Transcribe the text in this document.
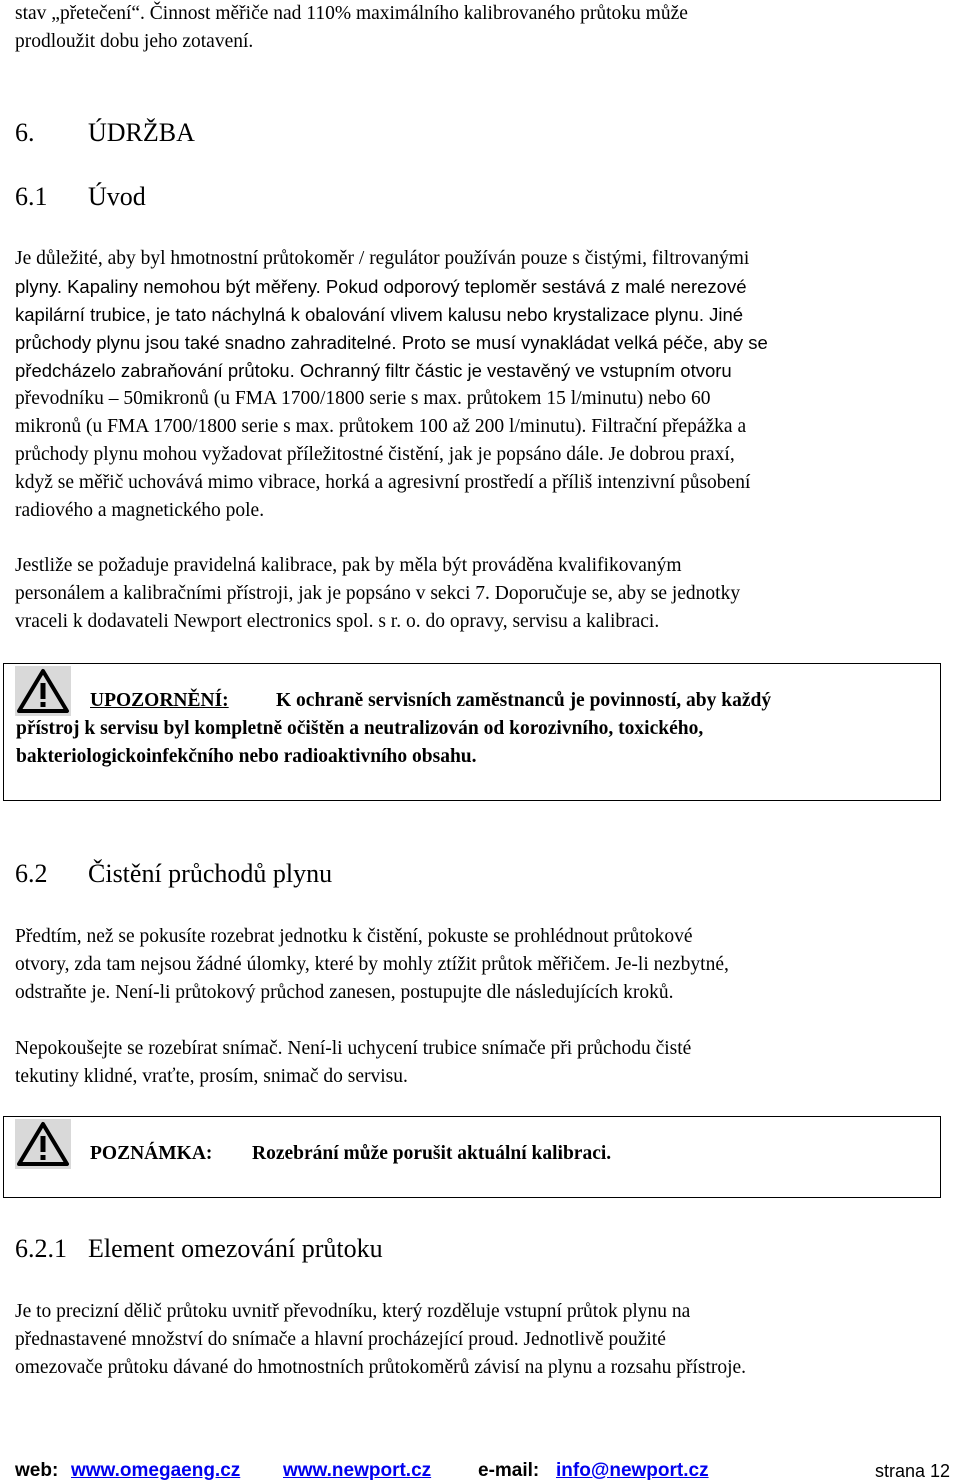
stav „přetečení“. Činnost měřiče nad 110% maximálního kalibrovaného průtoku může
prodloužit dobu jeho zotavení.
6. ÚDRŽBA
6.1 Úvod
Je důležité, aby byl hmotnostní průtokoměr / regulátor používán pouze s čistými, filtrovanými
plyny. Kapaliny nemohou být měřeny. Pokud odporový teploměr sestává z malé nerezové
kapilární trubice, je tato náchylná k obalování vlivem kalusu nebo krystalizace plynu. Jiné
průchody plynu jsou také snadno zahraditelné. Proto se musí vynakládat velká péče, aby se
předcházelo zabraňování průtoku. Ochranný filtr částic je vestavěný ve vstupním otvoru
převodníku – 50mikronů (u FMA 1700/1800 serie s max. průtokem 15 l/minutu) nebo 60
mikronů (u FMA 1700/1800 serie s max. průtokem 100 až 200 l/minutu). Filtrační přepážka a
průchody plynu mohou vyžadovat příležitostné čistění, jak je popsáno dále. Je dobrou praxí,
když se měřič uchovává mimo vibrace, horká a agresivní prostředí a příliš intenzivní působení
radiového a magnetického pole.
Jestliže se požaduje pravidelná kalibrace, pak by měla být prováděna kvalifikovaným
personálem a kalibračními přístroji, jak je popsáno v sekci 7. Doporučuje se, aby se jednotky
vraceli k dodavateli Newport electronics spol. s r. o. do opravy, servisu a kalibraci.
UPOZORNĚNÍ: K ochraně servisních zaměstnanců je povinností, aby každý
přístroj k servisu byl kompletně očištěn a neutralizován od korozivního, toxického,
bakteriologickoinfekčního nebo radioaktivního obsahu.
6.2 Čistění průchodů plynu
Předtím, než se pokusíte rozebrat jednotku k čistění, pokuste se prohlédnout průtokové
otvory, zda tam nejsou žádné úlomky, které by mohly ztížit průtok měřičem. Je-li nezbytné,
odstraňte je. Není-li průtokový průchod zanesen, postupujte dle následujících kroků.
Nepokoušejte se rozebírat snímač. Není-li uchycení trubice snímače při průchodu čisté
tekutiny klidné, vraťte, prosím, snimač do servisu.
POZNÁMKA: Rozebrání může porušit aktuální kalibraci.
6.2.1 Element omezování průtoku
Je to precizní dělič průtoku uvnitř převodníku, který rozděluje vstupní průtok plynu na
přednastavené množství do snímače a hlavní procházející proud. Jednotlivě použité
omezovače průtoku dávané do hmotnostních průtokoměrů závisí na plynu a rozsahu přístroje.
web: www.omegaeng.cz www.newport.cz e-mail: info@newport.cz	strana 12
